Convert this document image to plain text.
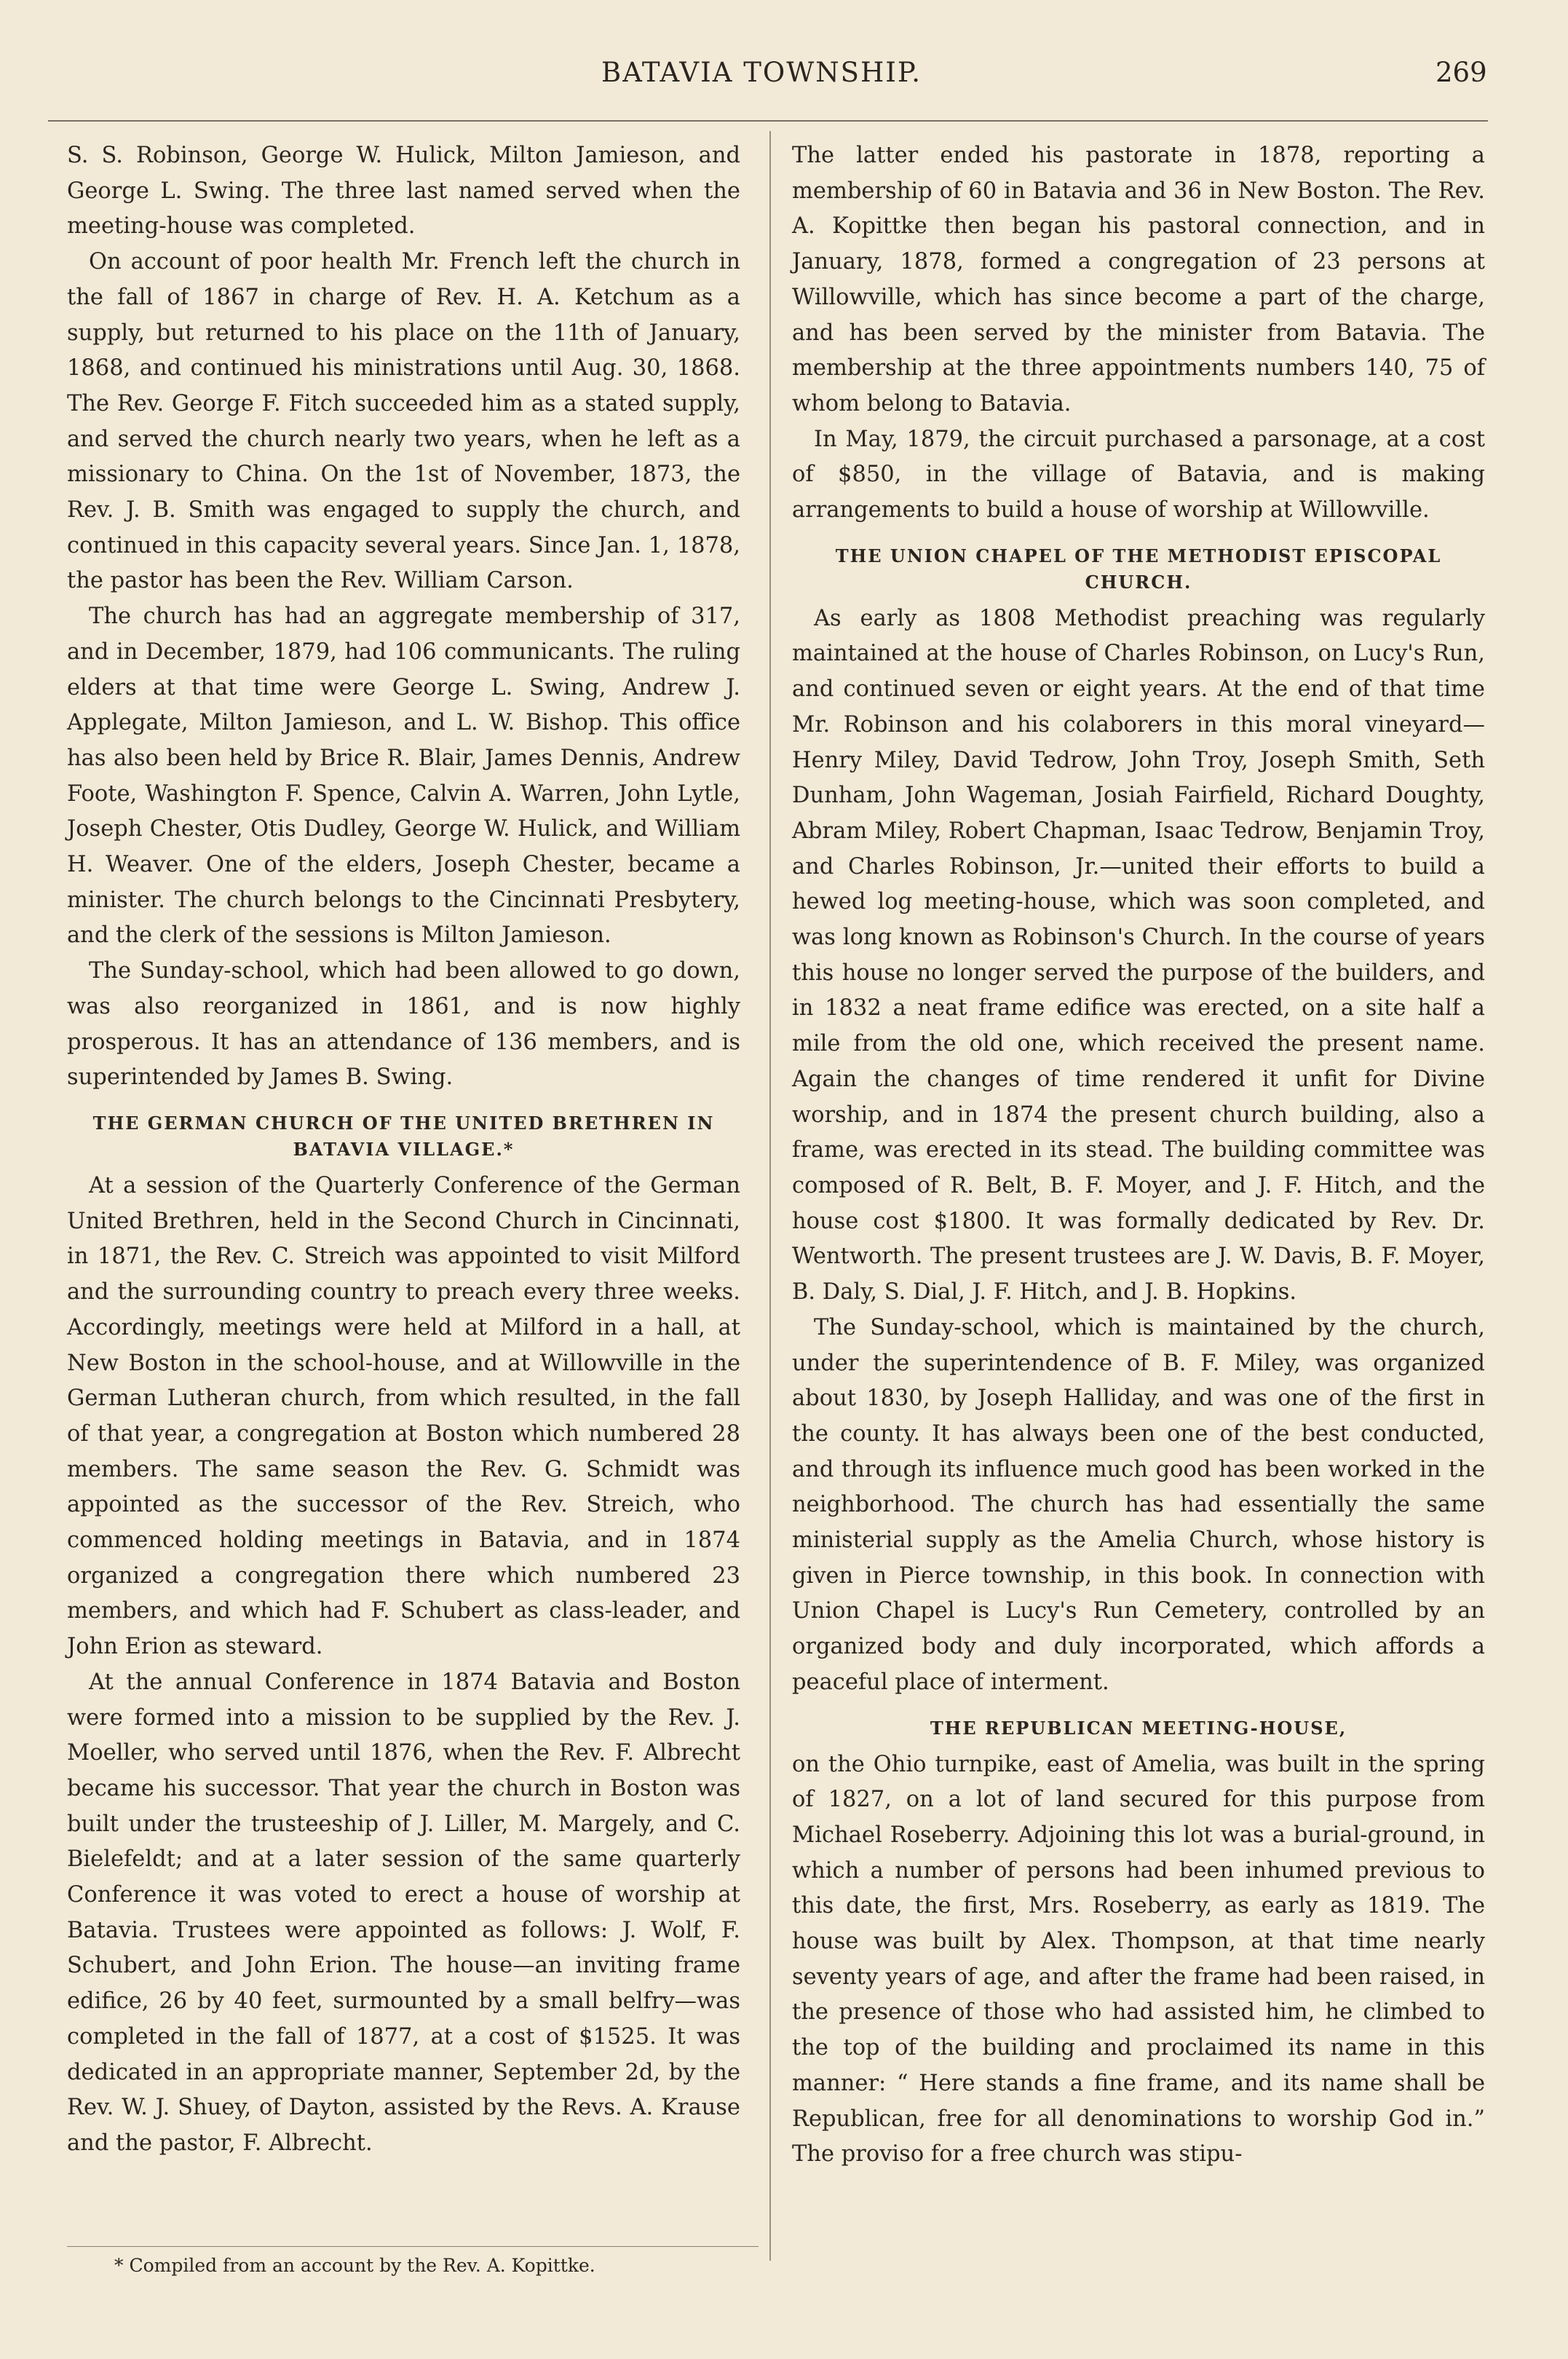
BATAVIA TOWNSHIP.	269

S. S. Robinson, George W. Hulick, Milton Jamieson, and George L. Swing. The three last named served when the meeting-house was completed.

On account of poor health Mr. French left the church in the fall of 1867 in charge of Rev. H. A. Ketchum as a supply, but returned to his place on the 11th of January, 1868, and continued his ministrations until Aug. 30, 1868. The Rev. George F. Fitch succeeded him as a stated supply, and served the church nearly two years, when he left as a missionary to China. On the 1st of November, 1873, the Rev. J. B. Smith was engaged to supply the church, and continued in this capacity several years. Since Jan. 1, 1878, the pastor has been the Rev. William Carson.

The church has had an aggregate membership of 317, and in December, 1879, had 106 communicants. The ruling elders at that time were George L. Swing, Andrew J. Applegate, Milton Jamieson, and L. W. Bishop. This office has also been held by Brice R. Blair, James Dennis, Andrew Foote, Washington F. Spence, Calvin A. Warren, John Lytle, Joseph Chester, Otis Dudley, George W. Hulick, and William H. Weaver. One of the elders, Joseph Chester, became a minister. The church belongs to the Cincinnati Presbytery, and the clerk of the sessions is Milton Jamieson.

The Sunday-school, which had been allowed to go down, was also reorganized in 1861, and is now highly prosperous. It has an attendance of 136 members, and is superintended by James B. Swing.

THE GERMAN CHURCH OF THE UNITED BRETHREN IN BATAVIA VILLAGE.*

At a session of the Quarterly Conference of the German United Brethren, held in the Second Church in Cincinnati, in 1871, the Rev. C. Streich was appointed to visit Milford and the surrounding country to preach every three weeks. Accordingly, meetings were held at Milford in a hall, at New Boston in the school-house, and at Willowville in the German Lutheran church, from which resulted, in the fall of that year, a congregation at Boston which numbered 28 members. The same season the Rev. G. Schmidt was appointed as the successor of the Rev. Streich, who commenced holding meetings in Batavia, and in 1874 organized a congregation there which numbered 23 members, and which had F. Schubert as class-leader, and John Erion as steward.

At the annual Conference in 1874 Batavia and Boston were formed into a mission to be supplied by the Rev. J. Moeller, who served until 1876, when the Rev. F. Albrecht became his successor. That year the church in Boston was built under the trusteeship of J. Liller, M. Margely, and C. Bielefeldt; and at a later session of the same quarterly Conference it was voted to erect a house of worship at Batavia. Trustees were appointed as follows: J. Wolf, F. Schubert, and John Erion. The house—an inviting frame edifice, 26 by 40 feet, surmounted by a small belfry—was completed in the fall of 1877, at a cost of $1525. It was dedicated in an appropriate manner, September 2d, by the Rev. W. J. Shuey, of Dayton, assisted by the Revs. A. Krause and the pastor, F. Albrecht.

The latter ended his pastorate in 1878, reporting a membership of 60 in Batavia and 36 in New Boston. The Rev. A. Kopittke then began his pastoral connection, and in January, 1878, formed a congregation of 23 persons at Willowville, which has since become a part of the charge, and has been served by the minister from Batavia. The membership at the three appointments numbers 140, 75 of whom belong to Batavia.

In May, 1879, the circuit purchased a parsonage, at a cost of $850, in the village of Batavia, and is making arrangements to build a house of worship at Willowville.

THE UNION CHAPEL OF THE METHODIST EPISCOPAL CHURCH.

As early as 1808 Methodist preaching was regularly maintained at the house of Charles Robinson, on Lucy's Run, and continued seven or eight years. At the end of that time Mr. Robinson and his colaborers in this moral vineyard—Henry Miley, David Tedrow, John Troy, Joseph Smith, Seth Dunham, John Wageman, Josiah Fairfield, Richard Doughty, Abram Miley, Robert Chapman, Isaac Tedrow, Benjamin Troy, and Charles Robinson, Jr.—united their efforts to build a hewed log meeting-house, which was soon completed, and was long known as Robinson's Church. In the course of years this house no longer served the purpose of the builders, and in 1832 a neat frame edifice was erected, on a site half a mile from the old one, which received the present name. Again the changes of time rendered it unfit for Divine worship, and in 1874 the present church building, also a frame, was erected in its stead. The building committee was composed of R. Belt, B. F. Moyer, and J. F. Hitch, and the house cost $1800. It was formally dedicated by Rev. Dr. Wentworth. The present trustees are J. W. Davis, B. F. Moyer, B. Daly, S. Dial, J. F. Hitch, and J. B. Hopkins.

The Sunday-school, which is maintained by the church, under the superintendence of B. F. Miley, was organized about 1830, by Joseph Halliday, and was one of the first in the county. It has always been one of the best conducted, and through its influence much good has been worked in the neighborhood. The church has had essentially the same ministerial supply as the Amelia Church, whose history is given in Pierce township, in this book. In connection with Union Chapel is Lucy's Run Cemetery, controlled by an organized body and duly incorporated, which affords a peaceful place of interment.

THE REPUBLICAN MEETING-HOUSE,

on the Ohio turnpike, east of Amelia, was built in the spring of 1827, on a lot of land secured for this purpose from Michael Roseberry. Adjoining this lot was a burial-ground, in which a number of persons had been inhumed previous to this date, the first, Mrs. Roseberry, as early as 1819. The house was built by Alex. Thompson, at that time nearly seventy years of age, and after the frame had been raised, in the presence of those who had assisted him, he climbed to the top of the building and proclaimed its name in this manner: “ Here stands a fine frame, and its name shall be Republican, free for all denominations to worship God in.” The proviso for a free church was stipu-

* Compiled from an account by the Rev. A. Kopittke.
